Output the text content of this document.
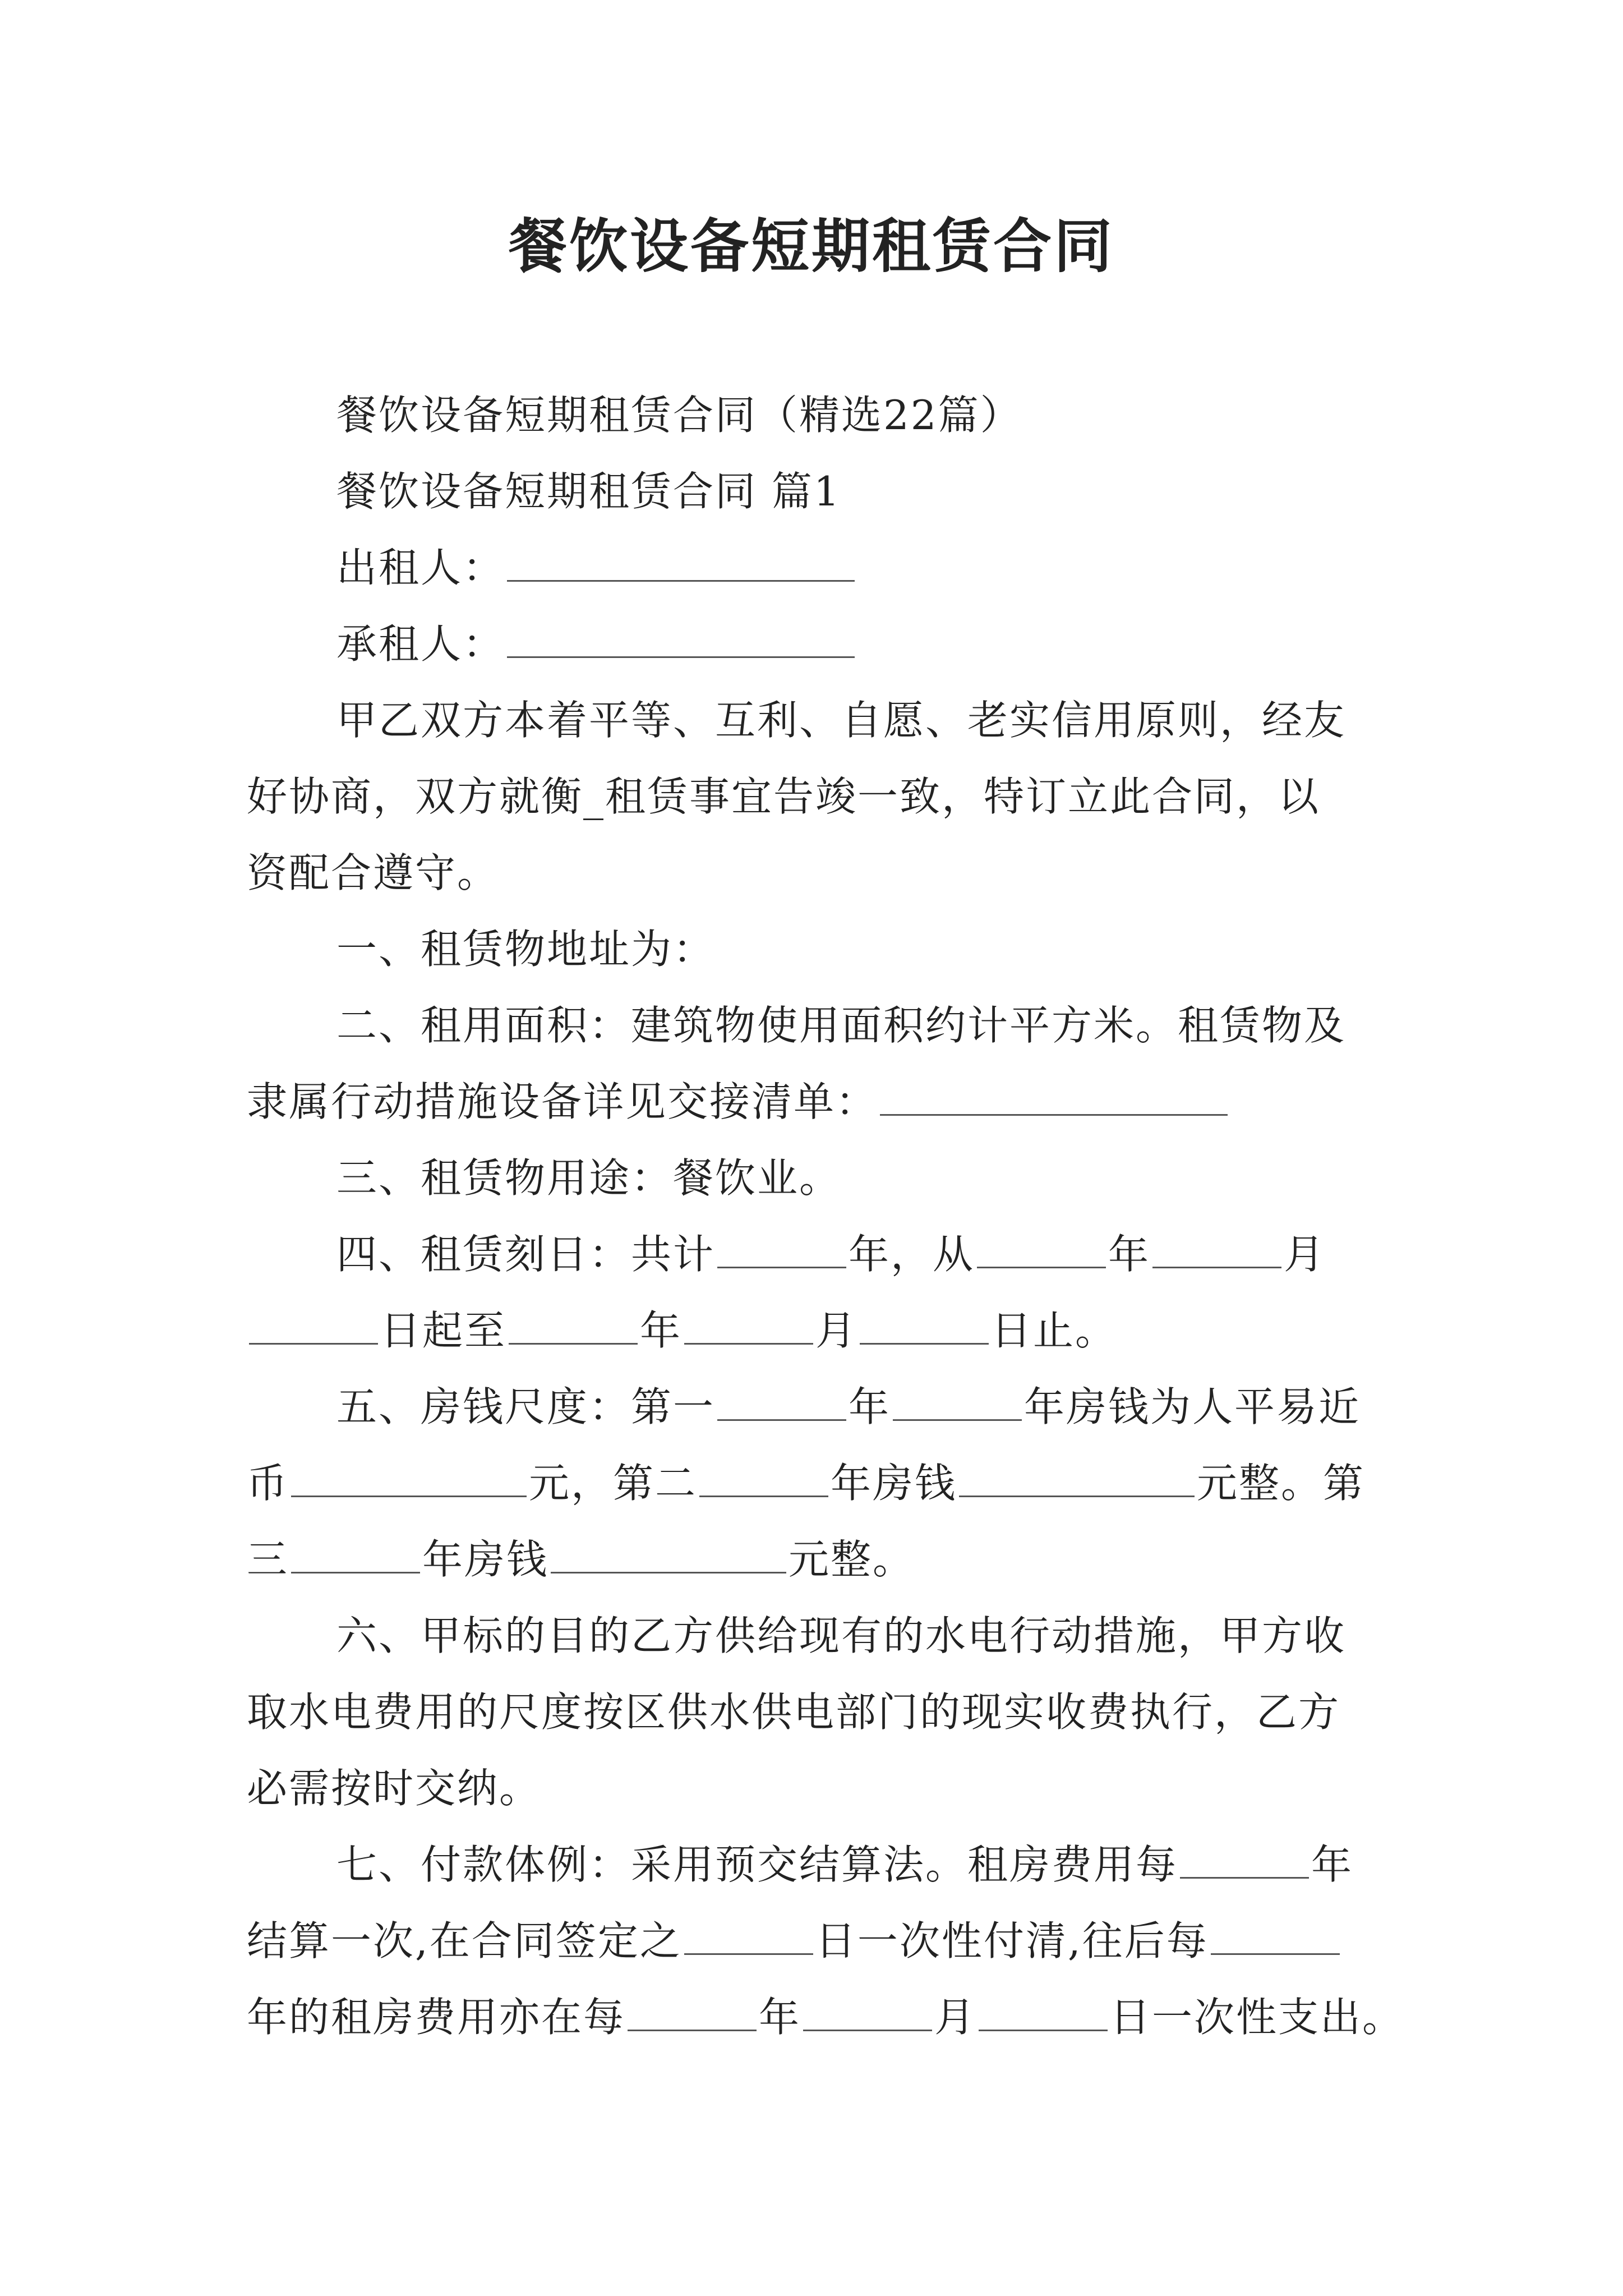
餐饮设备短期租赁合同
餐饮设备短期租赁合同（精选22篇）
餐饮设备短期租赁合同 篇1
出租人：
承租人：
甲乙双方本着平等、互利、自愿、老实信用原则，经友
好协商，双方就衡_租赁事宜告竣一致，特订立此合同，以
资配合遵守。
一、租赁物地址为：
二、租用面积：建筑物使用面积约计平方米。租赁物及
隶属行动措施设备详见交接清单：
三、租赁物用途：餐饮业。
四、租赁刻日：共计	年，从	年	月
日起至	年	月	日止。
五、房钱尺度：第一	年	年房钱为人平易近
币	元，第二	年房钱	元整。第
三	年房钱	元整。
六、甲标的目的乙方供给现有的水电行动措施，甲方收
取水电费用的尺度按区供水供电部门的现实收费执行，乙方
必需按时交纳。
七、付款体例：采用预交结算法。租房费用每	年
结算一次,在合同签定之	日一次性付清,往后每
年的租房费用亦在每	年	月	日一次性支出。
